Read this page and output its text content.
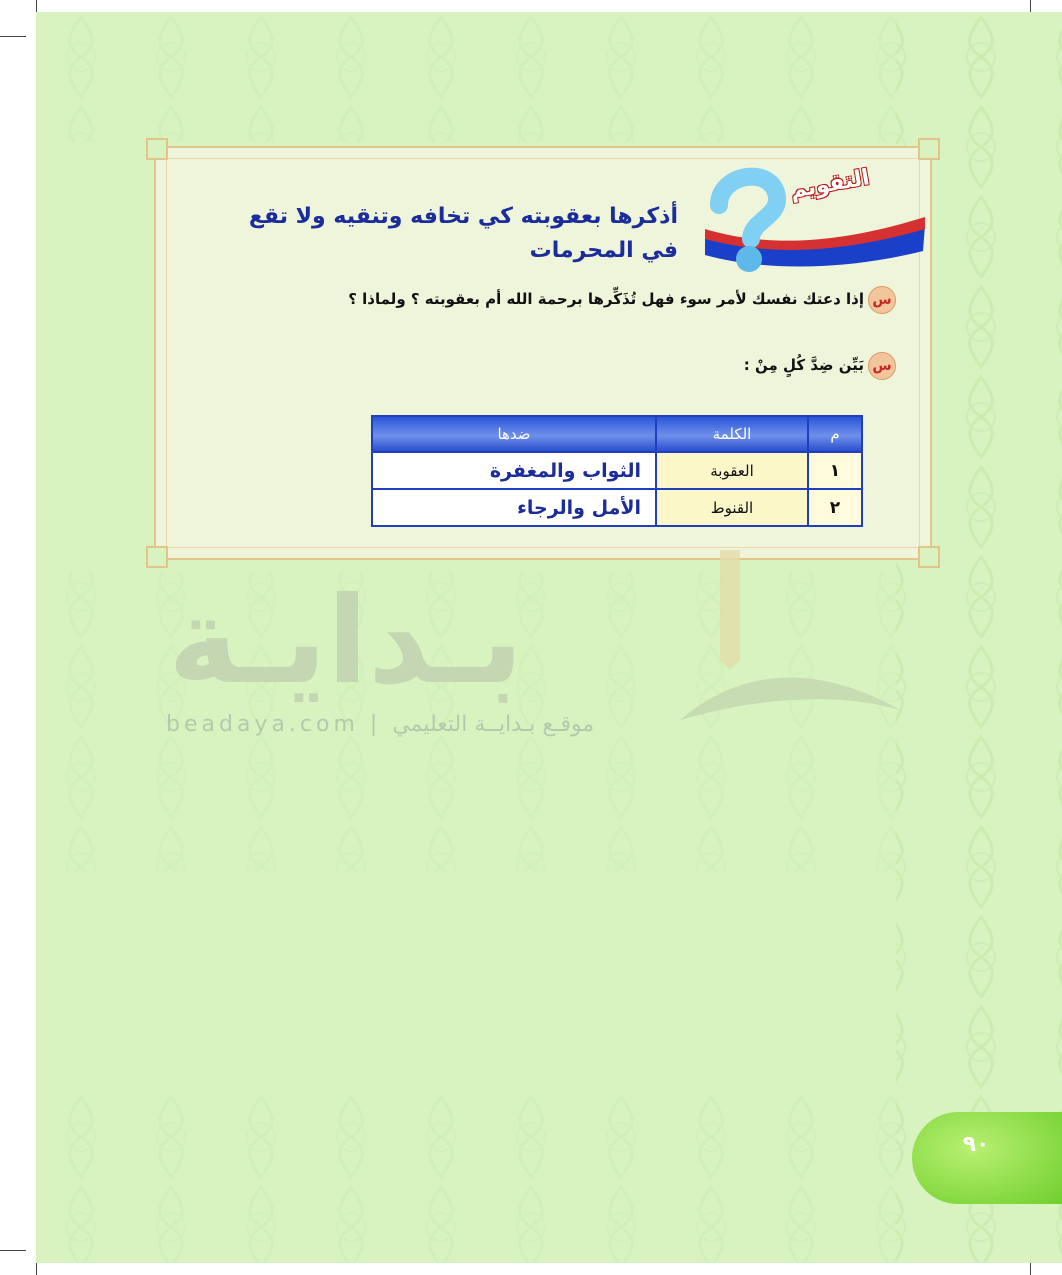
التقويم
أذكرها بعقوبته كي تخافه وتنقيه ولا تقع في المحرمات
س
إذا دعتك نفسك لأمر سوء فهل تُذَكِّرها برحمة الله أم بعقوبته ؟ ولماذا ؟
س
بَيِّن ضِدَّ كُلٍ مِنْ :
م	الكلمة	ضدها
١	العقوبة	الثواب والمغفرة
٢	القنوط	الأمل والرجاء
بـدايـة
beadaya.com | موقـع بـدايــة التعليمي
٩٠
